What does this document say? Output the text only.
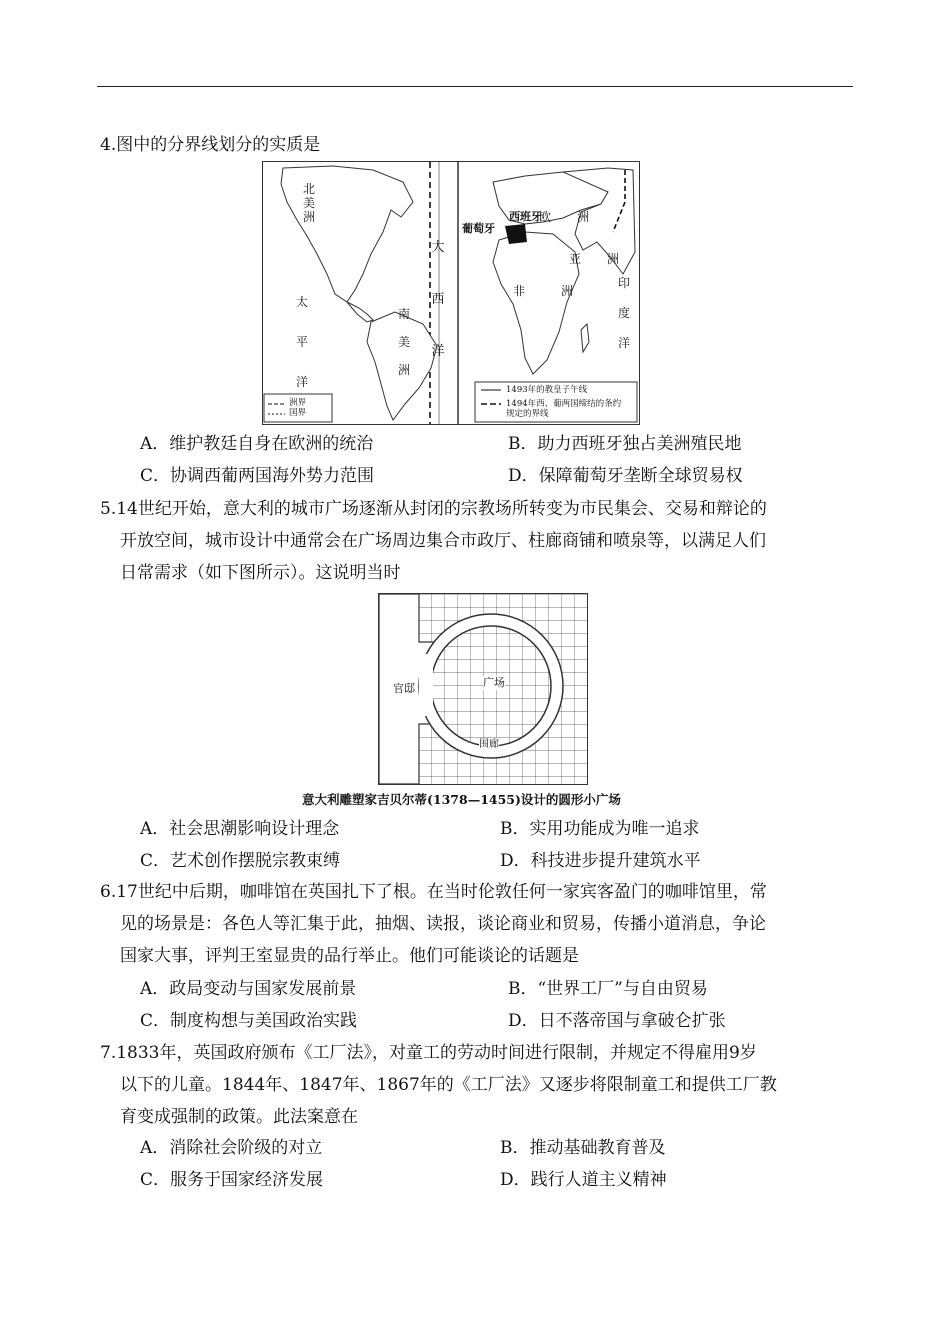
4.图中的分界线划分的实质是
北美洲
太平洋
南美洲
大西洋
葡萄牙
西班牙
欧洲
亚洲
非洲
印度洋
洲界
国界
1493年的教皇子午线
1494年西、葡两国缔结的条约
规定的界线
A．维护教廷自身在欧洲的统治	B．助力西班牙独占美洲殖民地
C．协调西葡两国海外势力范围	D．保障葡萄牙垄断全球贸易权
5.14世纪开始，意大利的城市广场逐渐从封闭的宗教场所转变为市民集会、交易和辩论的
开放空间，城市设计中通常会在广场周边集合市政厅、柱廊商铺和喷泉等，以满足人们
日常需求（如下图所示）。这说明当时
官邸	广场
围廊
意大利雕塑家吉贝尔蒂(1378—1455)设计的圆形小广场
A．社会思潮影响设计理念	B．实用功能成为唯一追求
C．艺术创作摆脱宗教束缚	D．科技进步提升建筑水平
6.17世纪中后期，咖啡馆在英国扎下了根。在当时伦敦任何一家宾客盈门的咖啡馆里，常
见的场景是：各色人等汇集于此，抽烟、读报，谈论商业和贸易，传播小道消息，争论
国家大事，评判王室显贵的品行举止。他们可能谈论的话题是
A．政局变动与国家发展前景	B．“世界工厂”与自由贸易
C．制度构想与美国政治实践	D．日不落帝国与拿破仑扩张
7.1833年，英国政府颁布《工厂法》，对童工的劳动时间进行限制，并规定不得雇用9岁
以下的儿童。1844年、1847年、1867年的《工厂法》又逐步将限制童工和提供工厂教
育变成强制的政策。此法案意在
A．消除社会阶级的对立	B．推动基础教育普及
C．服务于国家经济发展	D．践行人道主义精神
